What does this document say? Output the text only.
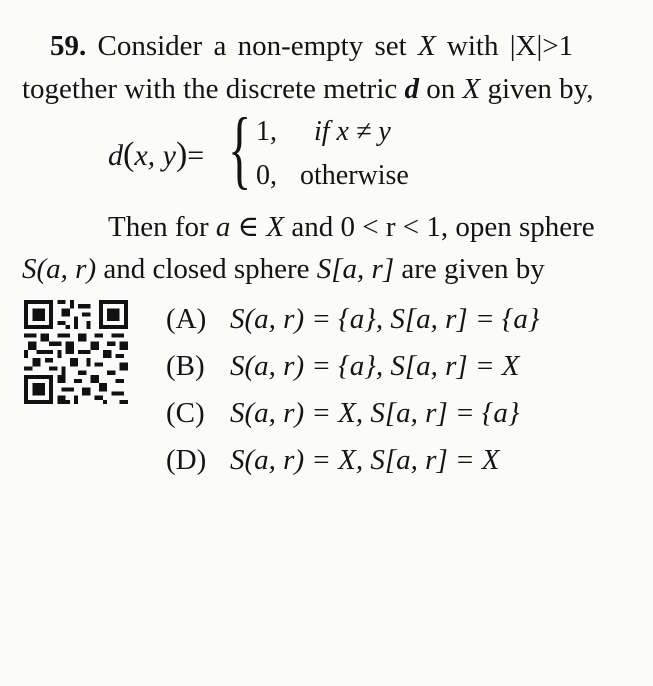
59. Consider a non-empty set X with |X|>1
together with the discrete metric d on X given by,
d(x, y)= { 1, if x ≠ y
0, otherwise
Then for a ∈ X and 0 < r < 1, open sphere
S(a, r) and closed sphere S[a, r] are given by
(A) S(a, r) = {a}, S[a, r] = {a}
(B) S(a, r) = {a}, S[a, r] = X
(C) S(a, r) = X, S[a, r] = {a}
(D) S(a, r) = X, S[a, r] = X
